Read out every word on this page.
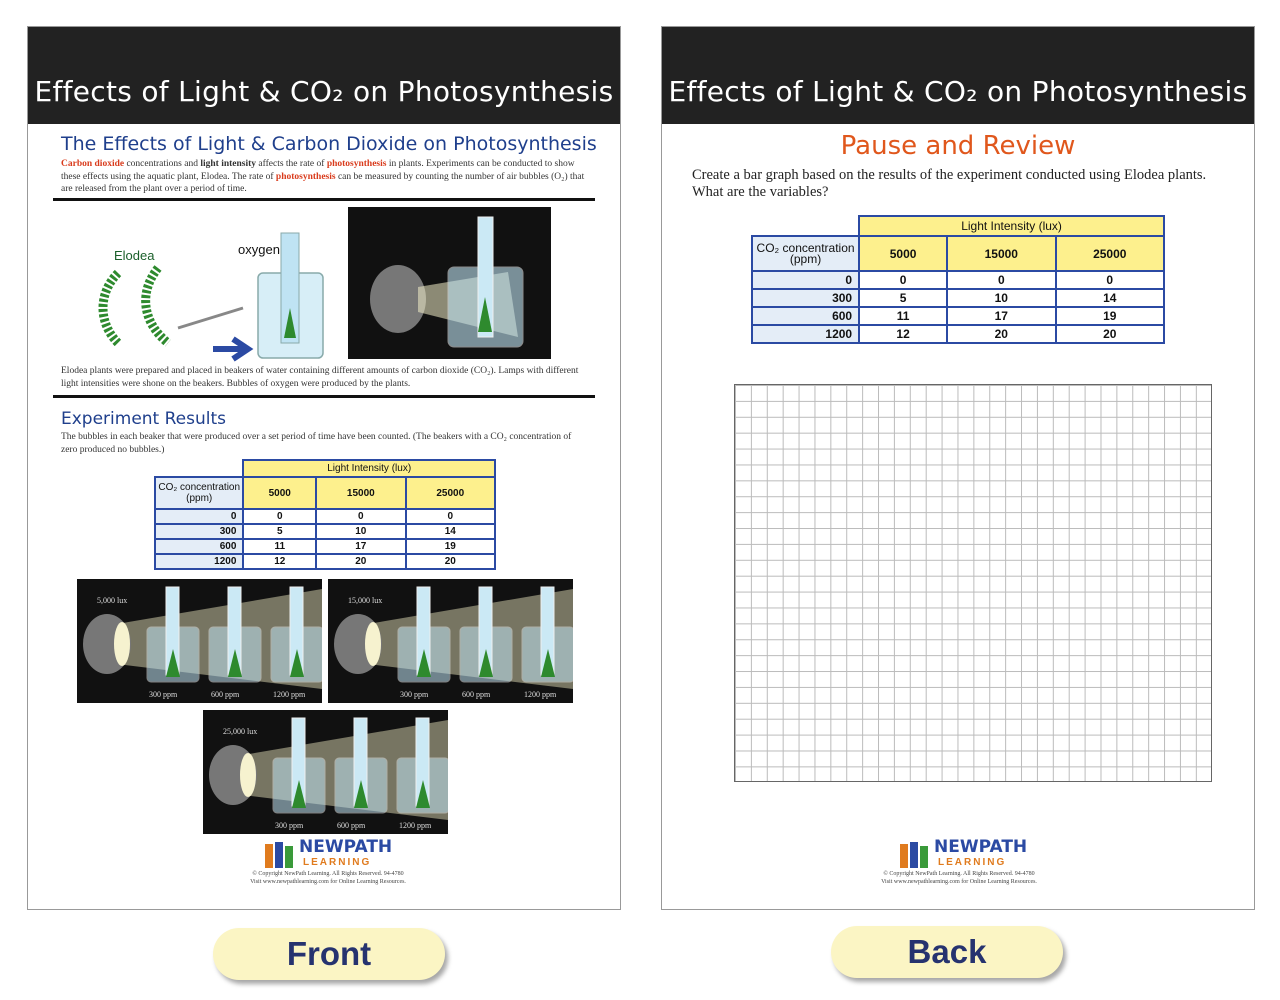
Effects of Light & CO₂ on Photosynthesis
The Effects of Light & Carbon Dioxide on Photosynthesis
Carbon dioxide concentrations and light intensity affects the rate of photosynthesis in plants. Experiments can be conducted to show these effects using the aquatic plant, Elodea. The rate of photosynthesis can be measured by counting the number of air bubbles (O₂) that are released from the plant over a period of time.
Elodea	oxygen
Elodea plants were prepared and placed in beakers of water containing different amounts of carbon dioxide (CO₂). Lamps with different light intensities were shone on the beakers. Bubbles of oxygen were produced by the plants.
Experiment Results
The bubbles in each beaker that were produced over a set period of time have been counted. (The beakers with a CO₂ concentration of zero produced no bubbles.)
	Light Intensity (lux)		
CO₂ concentration
(ppm)	5000	15000	25000
0	0	0	0
300	5	10	14
600	11	17	19
1200	12	20	20
300 ppm	600 ppm	1200 ppm
5,000 lux
300 ppm	600 ppm	1200 ppm
15,000 lux
300 ppm	600 ppm	1200 ppm
25,000 lux
NEWPATH
LEARNING
© Copyright NewPath Learning. All Rights Reserved. 94-4780
Visit www.newpathlearning.com for Online Learning Resources.
Effects of Light & CO₂ on Photosynthesis
Pause and Review
Create a bar graph based on the results of the experiment conducted using Elodea plants. What are the variables?
	Light Intensity (lux)		
CO₂ concentration
(ppm)	5000	15000	25000
0	0	0	0
300	5	10	14
600	11	17	19
1200	12	20	20
NEWPATH
LEARNING
© Copyright NewPath Learning. All Rights Reserved. 94-4780
Visit www.newpathlearning.com for Online Learning Resources.
Front	Back
